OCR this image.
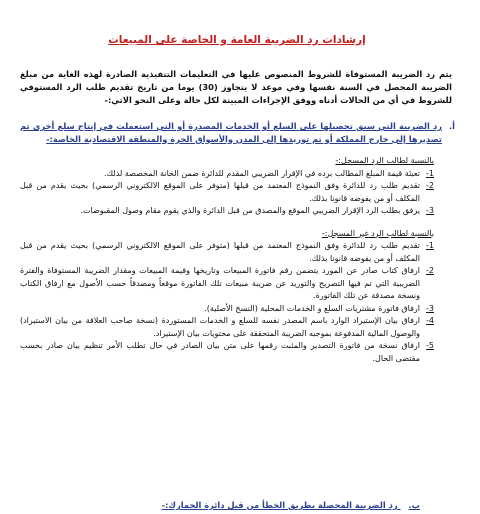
إرشادات رد الضريبة العامة و الخاصة على المبيعات
يتم رد الضريبة المستوفاة للشروط المنصوص عليها في التعليمات التنفيذية الصادرة لهذه الغاية من مبلغ الضريبة المحصل في السنة نفسها وفي موعد لا يتجاوز (30) يوما من تاريخ تقديم طلب الرد المستوفي للشروط في أي من الحالات أدناه ووفق الإجراءات المبينة لكل حالة وعلى النحو الاتي:-
أ.
رد الضريبة التي سبق تحصيلها على السلع أو الخدمات المصدرة أو التي استعملت في إنتاج سلع أخرى تم تصديرها إلى خارج المملكة أو تم توريدها إلى المدن والأسواق الحرة والمنطقة الاقتصادية الخاصة:-
بالنسبة لطالب الرد المسجل:-
1-
تعبئة قيمة المبلغ المطالب برده في الإقرار الضريبي المقدم للدائرة ضمن الخانة المخصصة لذلك.
2-
تقديم طلب رد للدائرة وفق النموذج المعتمد من قبلها (متوفر على الموقع الالكتروني الرسمي) بحيث يقدم من قبل المكلف أو من يفوضه قانونا بذلك.
3-
يرفق بطلب الرد الإقرار الضريبي الموقع والمصدق من قبل الدائرة والذي يقوم مقام وصول المقبوضات.
بالنسبة لطالب الرد غير المسجل:-
1-
تقديم طلب رد للدائرة وفق النموذج المعتمد من قبلها (متوفر على الموقع الالكتروني الرسمي) بحيث يقدم من قبل المكلف أو من يفوضه قانونا بذلك.
2-
ارفاق كتاب صادر عن المورد يتضمن رقم فاتورة المبيعات وتاريخها وقيمة المبيعات ومقدار الضريبة المستوفاة والفترة الضريبية التي تم فيها التصريح والتوريد عن ضريبة مبيعات تلك الفاتورة موقعاً ومصدقاً حسب الأصول مع ارفاق الكتاب ونسخة مصدقة عن تلك الفاتورة.
3-
ارفاق فاتورة مشتريات السلع و الخدمات المحلية (النسخ الأصلية).
4-
ارفاق بيان الإستيراد الوارد باسم المصدر نفسه للسلع و الخدمات المستوردة (نسخة صاحب العلاقة من بيان الاستيراد) والوصول المالية المدفوعة بموجبه الضريبة المتحققة على محتويات بيان الإستيراد.
5-
ارفاق نسخة من فاتورة التصدير والمثبت رقمها على متن بيان الصادر في حال تطلب الأمر تنظيم بيان صادر بحسب مقتضى الحال.
ب. رد الضريبة المحصلة بطريق الخطأ من قبل دائرة الجمارك:-
